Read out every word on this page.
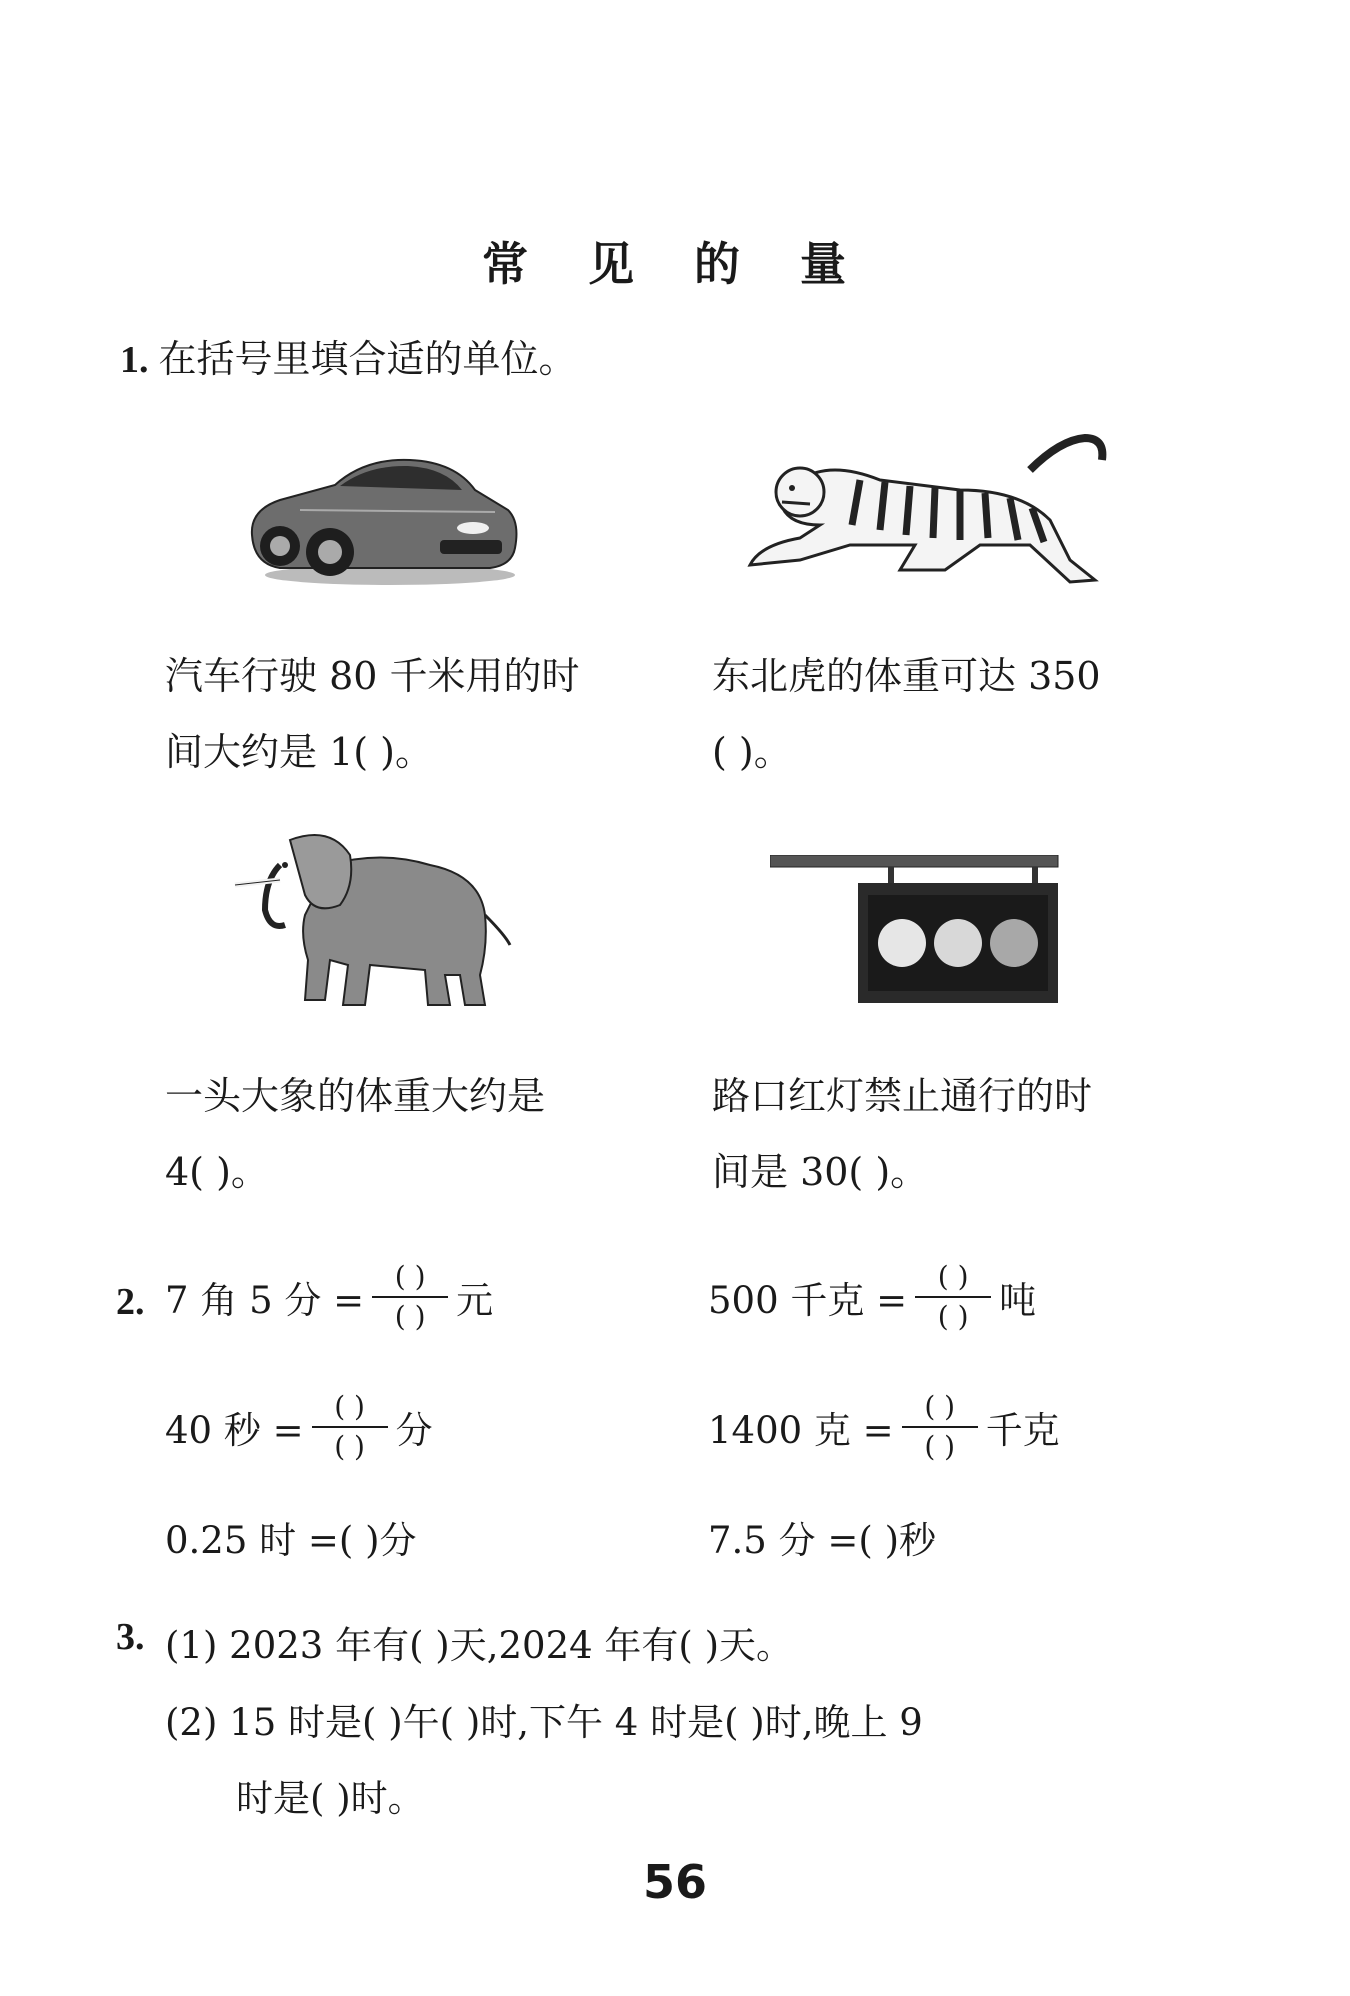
常 见 的 量
1. 在括号里填合适的单位。
汽车行驶 80 千米用的时
间大约是 1( )。
东北虎的体重可达 350
( )。
一头大象的体重大约是
4( )。
路口红灯禁止通行的时
间是 30( )。
2. 7 角 5 分 = $\frac{( )}{( )}$ 元	500 千克 = $\frac{( )}{( )}$ 吨
40 秒 = $\frac{( )}{( )}$ 分	1400 克 = $\frac{( )}{( )}$ 千克
0.25 时 =( )分	7.5 分 =( )秒
3. (1) 2023 年有( )天,2024 年有( )天。
(2) 15 时是( )午( )时,下午 4 时是( )时,晚上 9
时是( )时。
56
